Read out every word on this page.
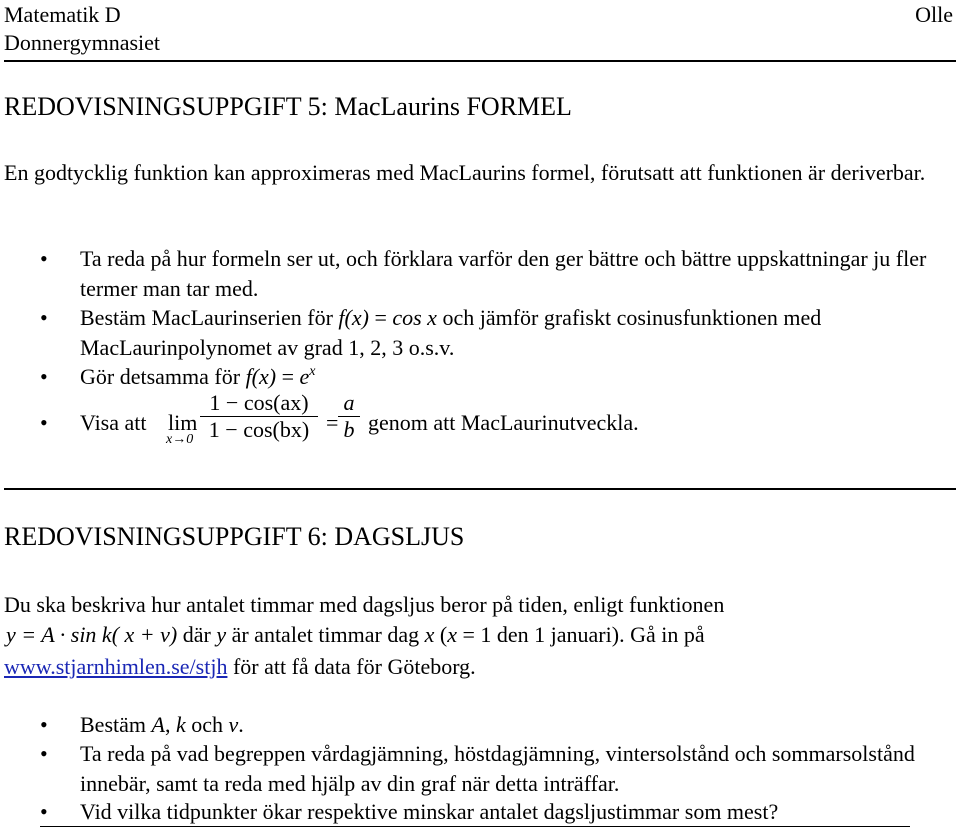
Matematik D
Donnergymnasiet
Olle
REDOVISNINGSUPPGIFT 5: MacLaurins FORMEL
En godtycklig funktion kan approximeras med MacLaurins formel, förutsatt att funktionen är deriverbar.
• Ta reda på hur formeln ser ut, och förklara varför den ger bättre och bättre uppskattningar ju fler termer man tar med.
• Bestäm MacLaurinserien för f(x) = cos x och jämför grafiskt cosinusfunktionen med MacLaurinpolynomet av grad 1, 2, 3 o.s.v.
• Gör detsamma för $f(x) = e^x$
• Visa att lim
x→0
1 − cos(ax)
1 − cos(bx) =
a
b genom att MacLaurinutveckla.
REDOVISNINGSUPPGIFT 6: DAGSLJUS
Du ska beskriva hur antalet timmar med dagsljus beror på tiden, enligt funktionen
y = A · sin k( x + v) där y är antalet timmar dag x (x = 1 den 1 januari). Gå in på
www.stjarnhimlen.se/stjh för att få data för Göteborg.
• Bestäm A, k och v.
• Ta reda på vad begreppen vårdagjämning, höstdagjämning, vintersolstånd och sommarsolstånd innebär, samt ta reda med hjälp av din graf när detta inträffar.
• Vid vilka tidpunkter ökar respektive minskar antalet dagsljustimmar som mest?
